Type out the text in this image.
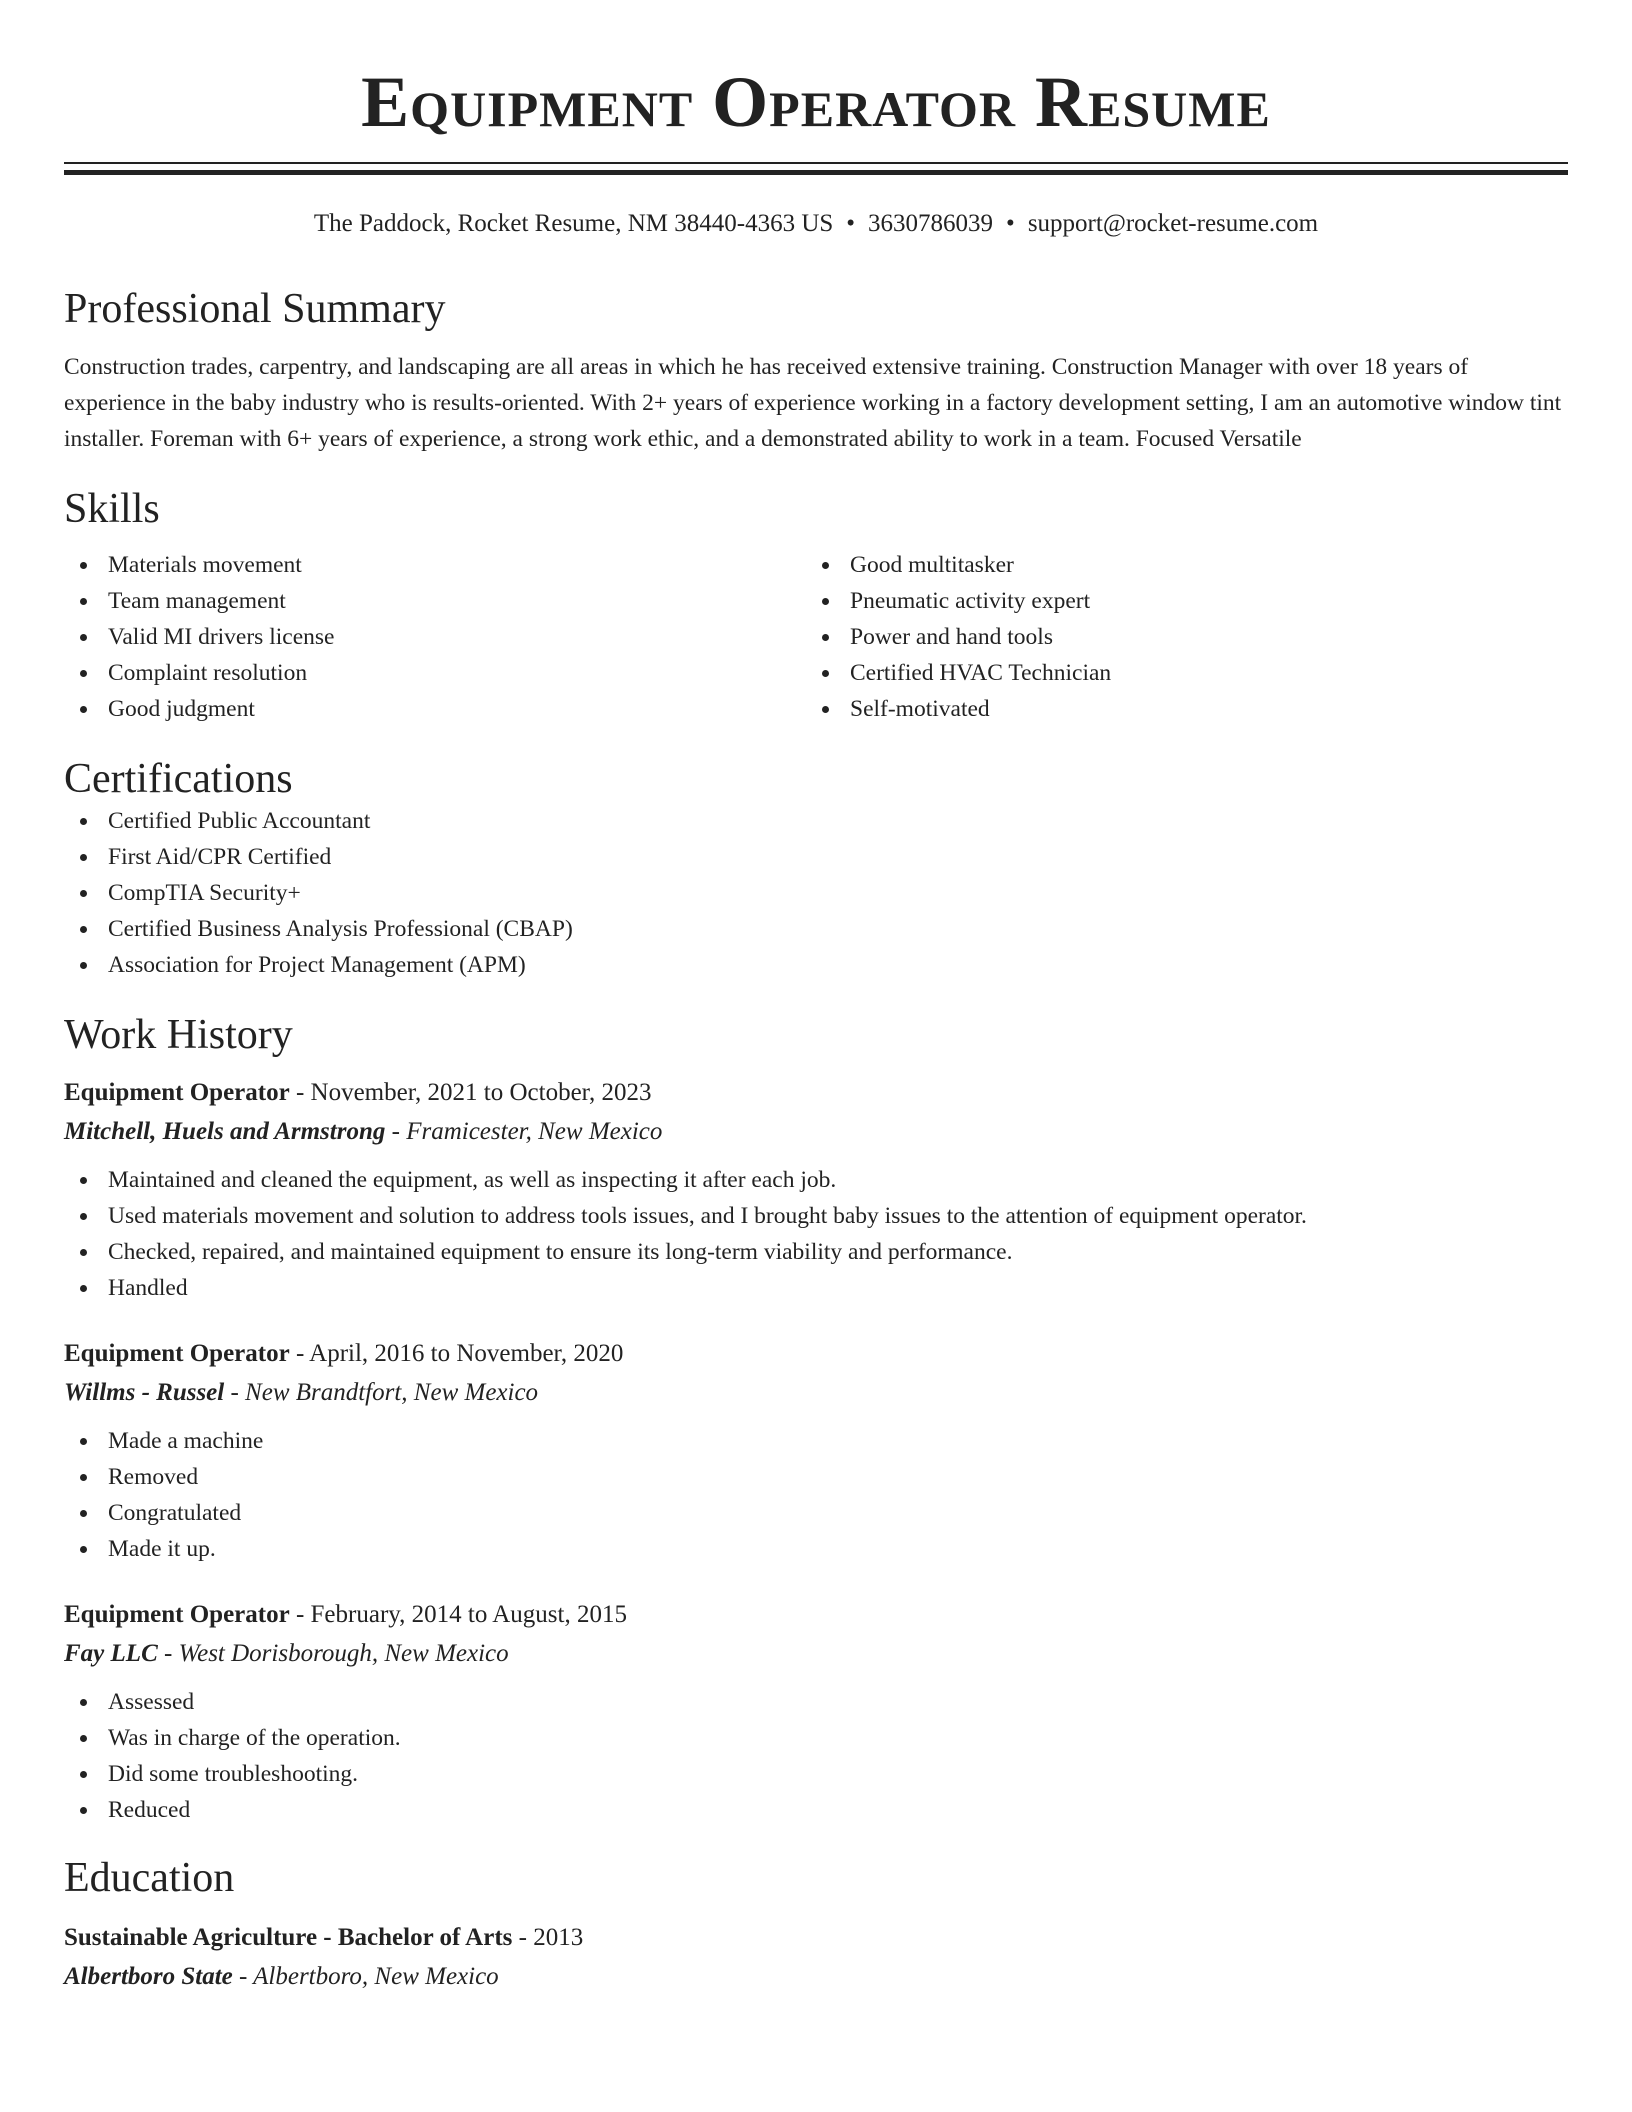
Equipment Operator Resume
The Paddock, Rocket Resume, NM 38440-4363 US • 3630786039 • support@rocket-resume.com
Professional Summary
Construction trades, carpentry, and landscaping are all areas in which he has received extensive training. Construction Manager with over 18 years of experience in the baby industry who is results-oriented. With 2+ years of experience working in a factory development setting, I am an automotive window tint installer. Foreman with 6+ years of experience, a strong work ethic, and a demonstrated ability to work in a team. Focused Versatile
Skills
Materials movement
Team management
Valid MI drivers license
Complaint resolution
Good judgment
Good multitasker
Pneumatic activity expert
Power and hand tools
Certified HVAC Technician
Self-motivated
Certifications
Certified Public Accountant
First Aid/CPR Certified
CompTIA Security+
Certified Business Analysis Professional (CBAP)
Association for Project Management (APM)
Work History
Equipment Operator - November, 2021 to October, 2023
Mitchell, Huels and Armstrong - Framicester, New Mexico
Maintained and cleaned the equipment, as well as inspecting it after each job.
Used materials movement and solution to address tools issues, and I brought baby issues to the attention of equipment operator.
Checked, repaired, and maintained equipment to ensure its long-term viability and performance.
Handled
Equipment Operator - April, 2016 to November, 2020
Willms - Russel - New Brandtfort, New Mexico
Made a machine
Removed
Congratulated
Made it up.
Equipment Operator - February, 2014 to August, 2015
Fay LLC - West Dorisborough, New Mexico
Assessed
Was in charge of the operation.
Did some troubleshooting.
Reduced
Education
Sustainable Agriculture - Bachelor of Arts - 2013
Albertboro State - Albertboro, New Mexico
